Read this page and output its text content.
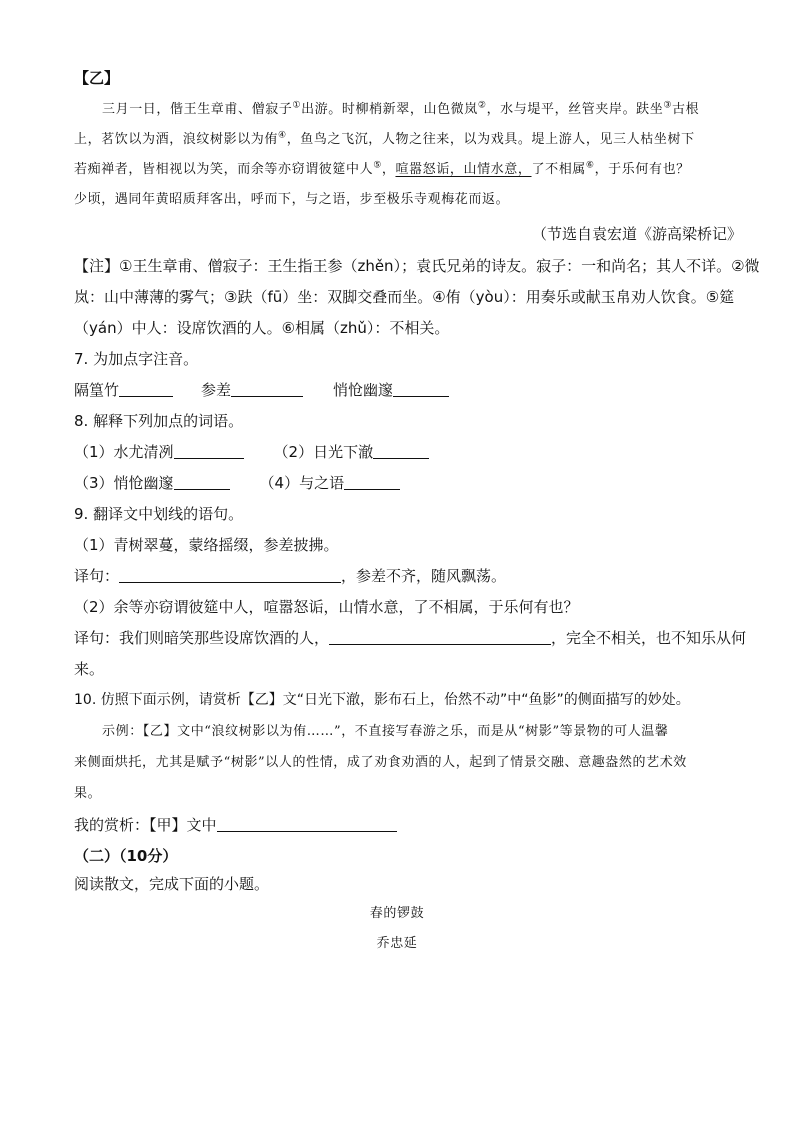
【乙】
三月一日，偕王生章甫、僧寂子①出游。时柳梢新翠，山色微岚②，水与堤平，丝管夹岸。趺坐③古根
上，茗饮以为酒，浪纹树影以为侑④，鱼鸟之飞沉，人物之往来，以为戏具。堤上游人，见三人枯坐树下
若痴禅者，皆相视以为笑，而余等亦窃谓彼筵中人⑤，喧嚣怒诟，山情水意，了不相属⑥，于乐何有也？
少顷，遇同年黄昭质拜客出，呼而下，与之语，步至极乐寺观梅花而返。
（节选自袁宏道《游高梁桥记》
【注】①王生章甫、僧寂子：王生指王参（zhěn）；袁氏兄弟的诗友。寂子：一和尚名；其人不详。②微
岚：山中薄薄的雾气；③趺（fū）坐：双脚交叠而坐。④侑（yòu）：用奏乐或献玉帛劝人饮食。⑤筵
（yán）中人：设席饮酒的人。⑥相属（zhǔ）：不相关。
7. 为加点字注音。
隔篁竹	参差	悄怆幽邃
8. 解释下列加点的词语。
（1）水尤清冽	（2）日光下澈
（3）悄怆幽邃	（4）与之语
9. 翻译文中划线的语句。
（1）青树翠蔓，蒙络摇缀，参差披拂。
译句：	，参差不齐，随风飘荡。
（2）余等亦窃谓彼筵中人，喧嚣怒诟，山情水意，了不相属，于乐何有也？
译句：我们则暗笑那些设席饮酒的人，	，完全不相关，也不知乐从何
来。
10. 仿照下面示例，请赏析【乙】文“日光下澈，影布石上，佁然不动”中“鱼影”的侧面描写的妙处。
示例：【乙】文中“浪纹树影以为侑……”，不直接写春游之乐，而是从“树影”等景物的可人温馨
来侧面烘托，尤其是赋予“树影”以人的性情，成了劝食劝酒的人，起到了情景交融、意趣盎然的艺术效
果。
我的赏析：【甲】文中
（二）（10分）
阅读散文，完成下面的小题。
春的锣鼓
乔忠延
